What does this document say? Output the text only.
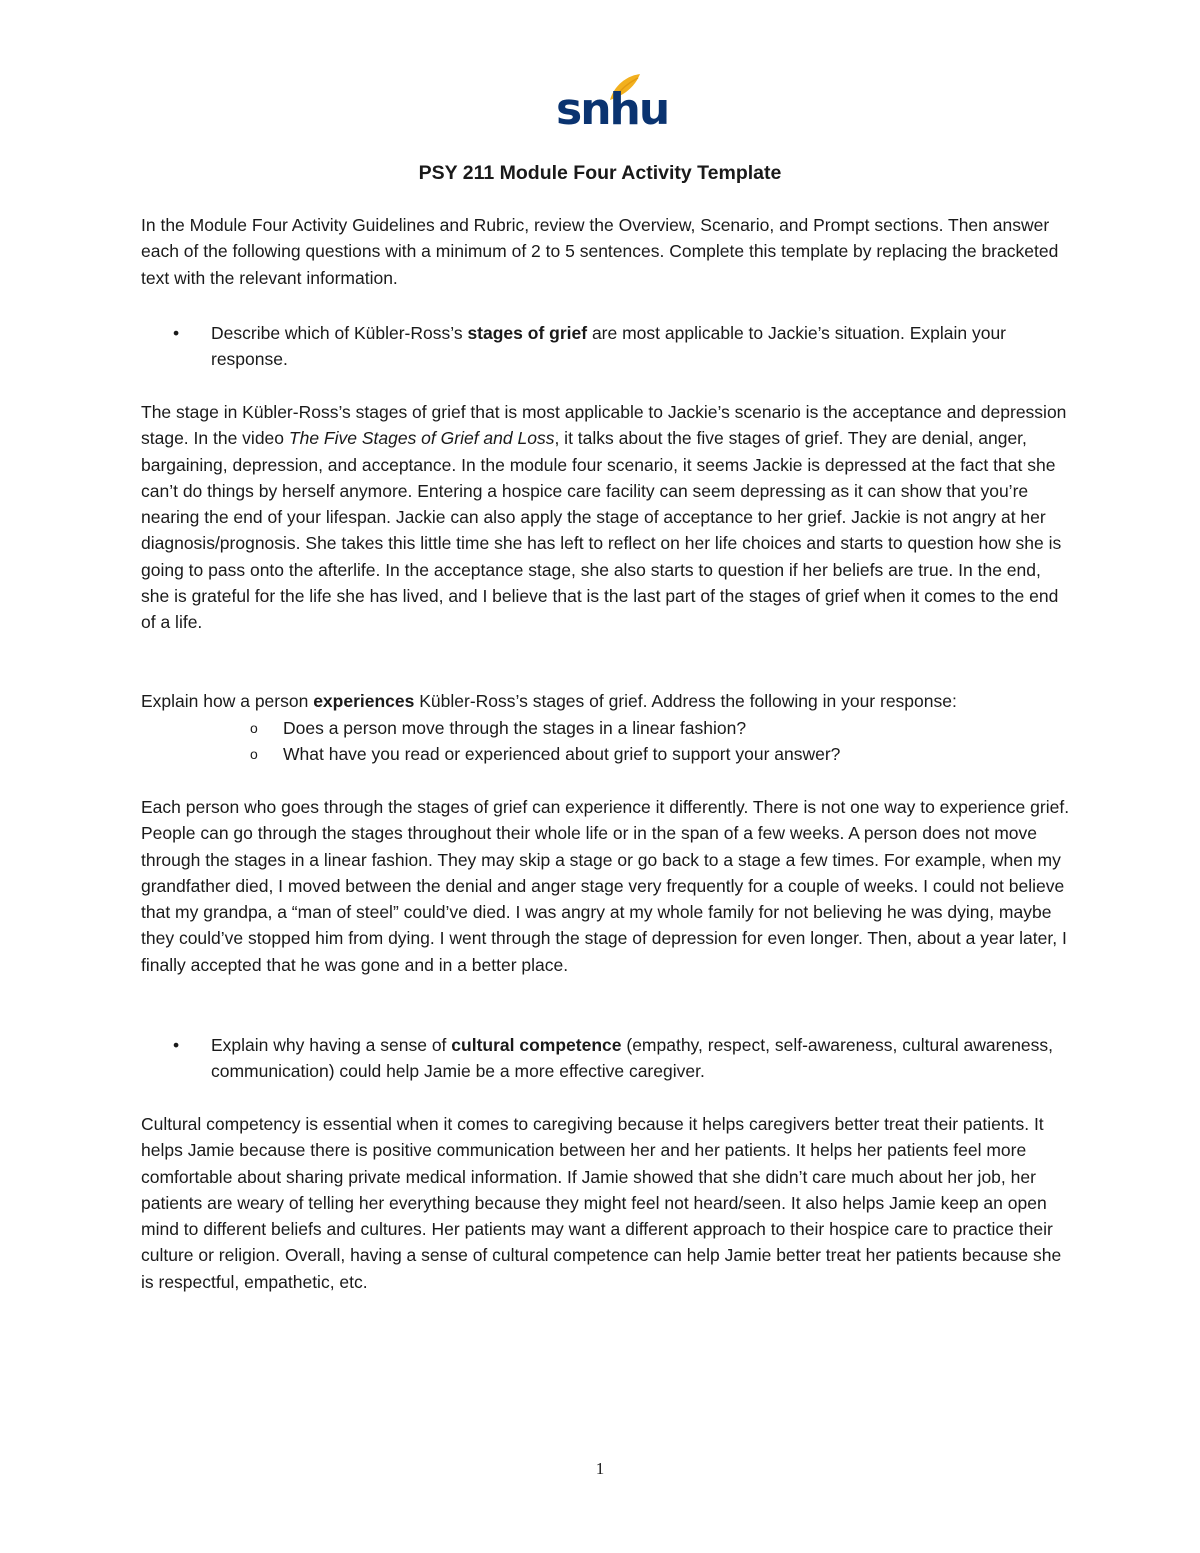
snhu
PSY 211 Module Four Activity Template
In the Module Four Activity Guidelines and Rubric, review the Overview, Scenario, and Prompt sections. Then answer each of the following questions with a minimum of 2 to 5 sentences. Complete this template by replacing the bracketed text with the relevant information.
• Describe which of Kübler-Ross’s stages of grief are most applicable to Jackie’s situation. Explain your response.
The stage in Kübler-Ross’s stages of grief that is most applicable to Jackie’s scenario is the acceptance and depression stage. In the video The Five Stages of Grief and Loss, it talks about the five stages of grief. They are denial, anger, bargaining, depression, and acceptance. In the module four scenario, it seems Jackie is depressed at the fact that she can’t do things by herself anymore. Entering a hospice care facility can seem depressing as it can show that you’re nearing the end of your lifespan. Jackie can also apply the stage of acceptance to her grief. Jackie is not angry at her diagnosis/prognosis. She takes this little time she has left to reflect on her life choices and starts to question how she is going to pass onto the afterlife. In the acceptance stage, she also starts to question if her beliefs are true. In the end, she is grateful for the life she has lived, and I believe that is the last part of the stages of grief when it comes to the end of a life.
Explain how a person experiences Kübler-Ross’s stages of grief. Address the following in your response:
o Does a person move through the stages in a linear fashion?
o What have you read or experienced about grief to support your answer?
Each person who goes through the stages of grief can experience it differently. There is not one way to experience grief. People can go through the stages throughout their whole life or in the span of a few weeks. A person does not move through the stages in a linear fashion. They may skip a stage or go back to a stage a few times. For example, when my grandfather died, I moved between the denial and anger stage very frequently for a couple of weeks. I could not believe that my grandpa, a “man of steel” could’ve died. I was angry at my whole family for not believing he was dying, maybe they could’ve stopped him from dying. I went through the stage of depression for even longer. Then, about a year later, I finally accepted that he was gone and in a better place.
• Explain why having a sense of cultural competence (empathy, respect, self-awareness, cultural awareness, communication) could help Jamie be a more effective caregiver.
Cultural competency is essential when it comes to caregiving because it helps caregivers better treat their patients. It helps Jamie because there is positive communication between her and her patients. It helps her patients feel more comfortable about sharing private medical information. If Jamie showed that she didn’t care much about her job, her patients are weary of telling her everything because they might feel not heard/seen. It also helps Jamie keep an open mind to different beliefs and cultures. Her patients may want a different approach to their hospice care to practice their culture or religion. Overall, having a sense of cultural competence can help Jamie better treat her patients because she is respectful, empathetic, etc.
1
